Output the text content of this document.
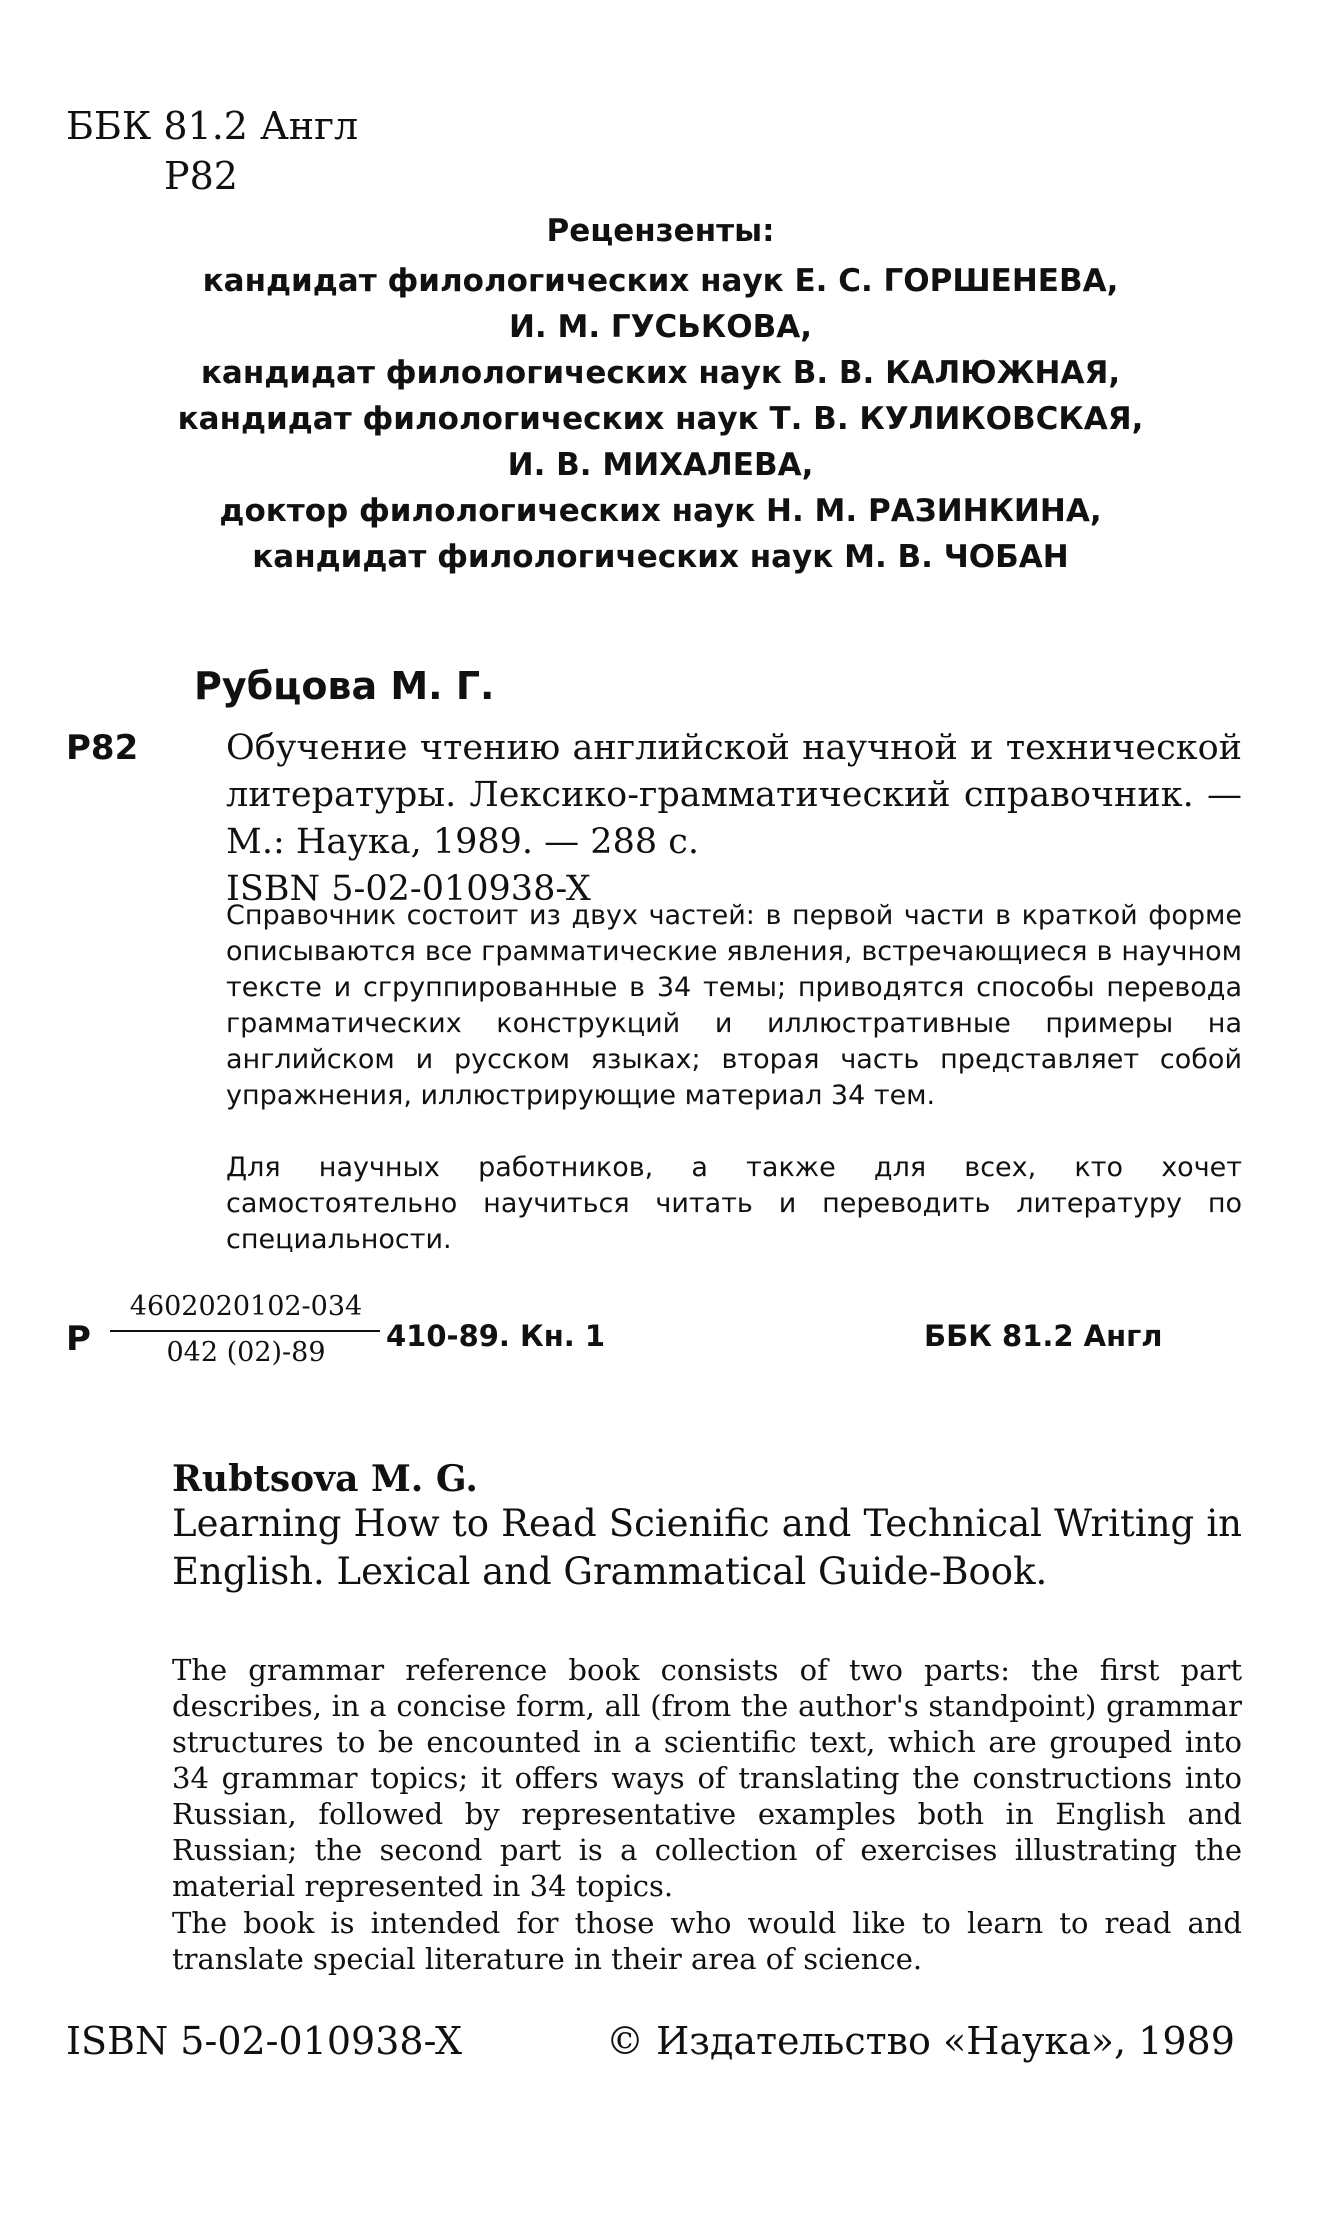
ББК 81.2 Англ
Р82
Рецензенты:
кандидат филологических наук Е. С. ГОРШЕНЕВА,
И. М. ГУСЬКОВА,
кандидат филологических наук В. В. КАЛЮЖНАЯ,
кандидат филологических наук Т. В. КУЛИКОВСКАЯ,
И. В. МИХАЛЕВА,
доктор филологических наук Н. М. РАЗИНКИНА,
кандидат филологических наук М. В. ЧОБАН
Рубцова М. Г.
Р82	Обучение чтению английской научной и технической литературы. Лексико-грамматический справочник. — М.: Наука, 1989. — 288 с.
ISBN 5-02-010938-X
Справочник состоит из двух частей: в первой части в краткой форме описываются все грамматические явления, встречающиеся в научном тексте и сгруппированные в 34 темы; приводятся способы перевода грамматических конструкций и иллюстративные примеры на английском и русском языках; вторая часть представляет собой упражнения, иллюстрирующие материал 34 тем.
Для научных работников, а также для всех, кто хочет самостоятельно научиться читать и переводить литературу по специальности.
Р
4602020102-034
042 (02)-89	410-89. Кн. 1	ББК 81.2 Англ
Rubtsova M. G.
Learning How to Read Scienific and Technical Writing in English. Lexical and Grammatical Guide-Book.
The grammar reference book consists of two parts: the first part describes, in a concise form, all (from the author's standpoint) grammar structures to be encounted in a scientific text, which are grouped into 34 grammar topics; it offers ways of translating the constructions into Russian, followed by representative examples both in English and Russian; the second part is a collection of exercises illustrating the material represented in 34 topics.
The book is intended for those who would like to learn to read and translate special literature in their area of science.
ISBN 5-02-010938-X	© Издательство «Наука», 1989
